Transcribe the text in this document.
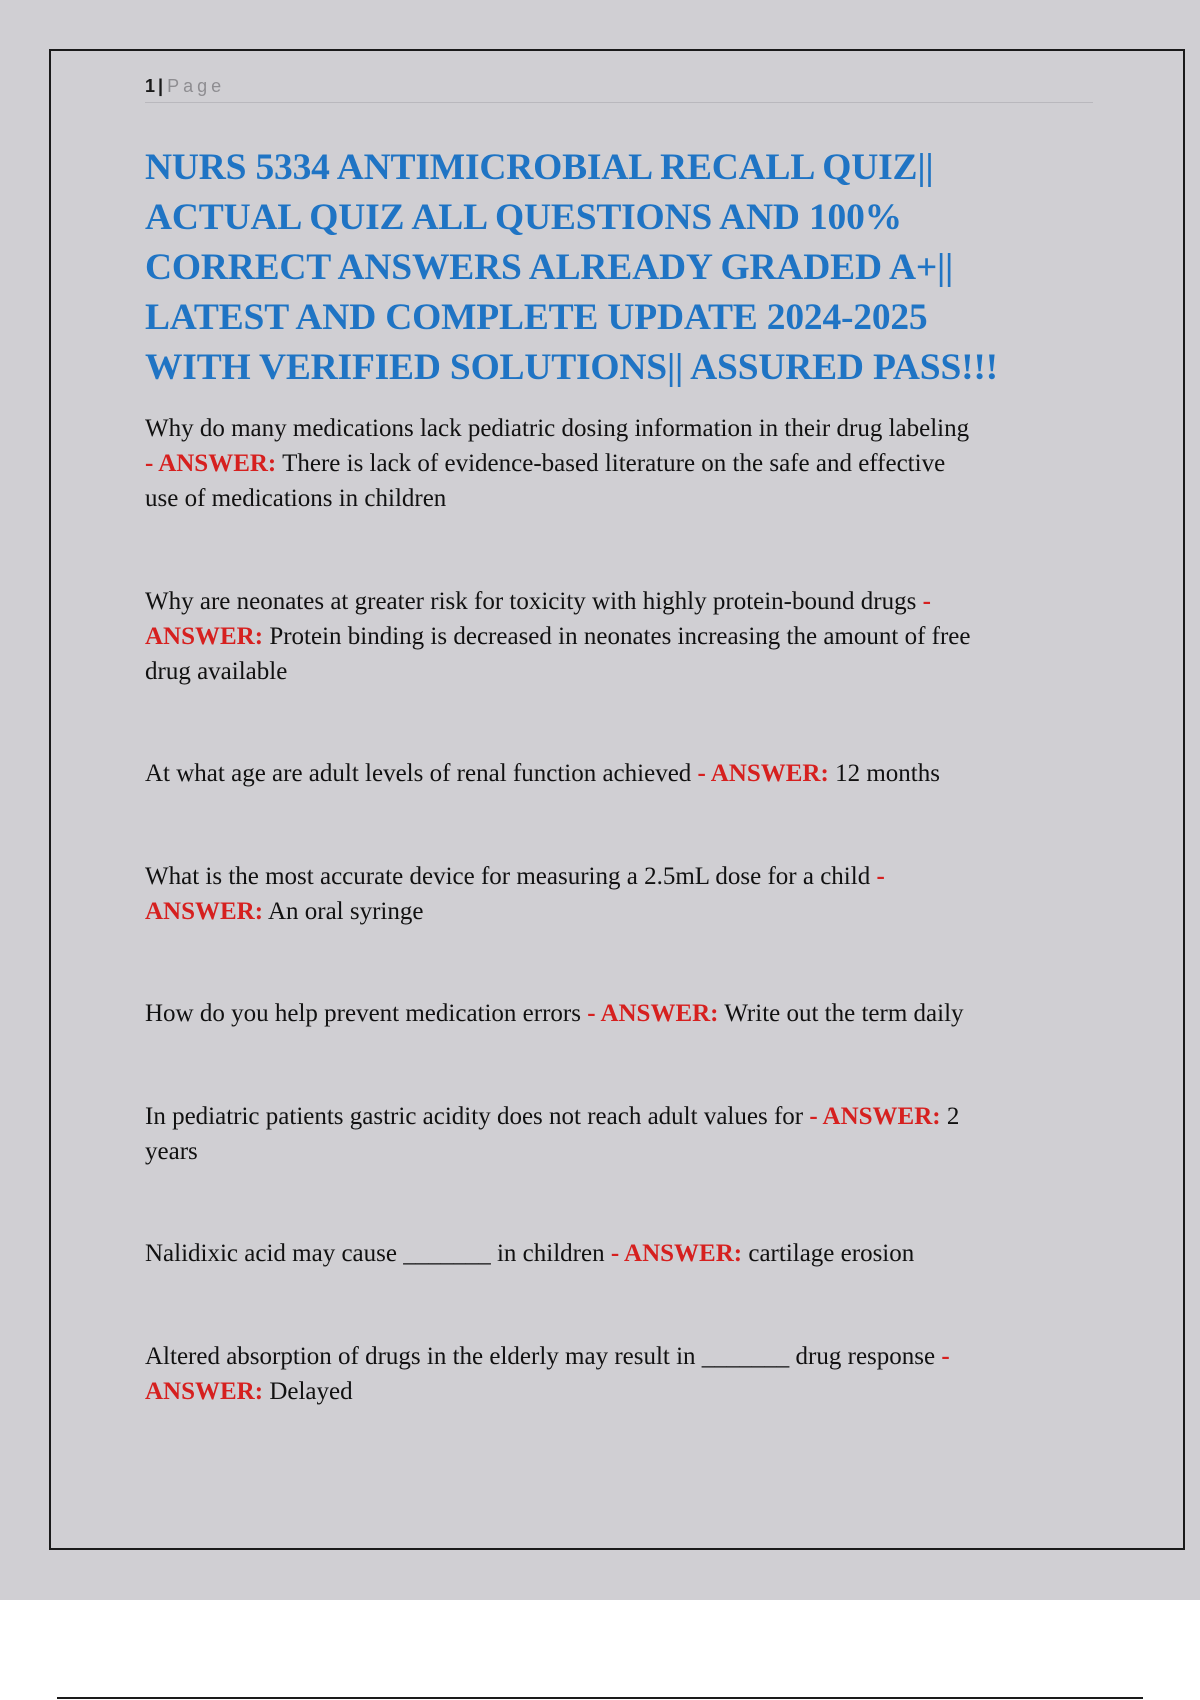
1 | Page
NURS 5334 ANTIMICROBIAL RECALL QUIZ||
ACTUAL QUIZ ALL QUESTIONS AND 100%
CORRECT ANSWERS ALREADY GRADED A+||
LATEST AND COMPLETE UPDATE 2024-2025
WITH VERIFIED SOLUTIONS|| ASSURED PASS!!!

Why do many medications lack pediatric dosing information in their drug labeling
- ANSWER: There is lack of evidence-based literature on the safe and effective
use of medications in children

Why are neonates at greater risk for toxicity with highly protein-bound drugs -
ANSWER: Protein binding is decreased in neonates increasing the amount of free
drug available

At what age are adult levels of renal function achieved - ANSWER: 12 months

What is the most accurate device for measuring a 2.5mL dose for a child -
ANSWER: An oral syringe

How do you help prevent medication errors - ANSWER: Write out the term daily

In pediatric patients gastric acidity does not reach adult values for - ANSWER: 2
years

Nalidixic acid may cause _______ in children - ANSWER: cartilage erosion

Altered absorption of drugs in the elderly may result in _______ drug response -
ANSWER: Delayed
